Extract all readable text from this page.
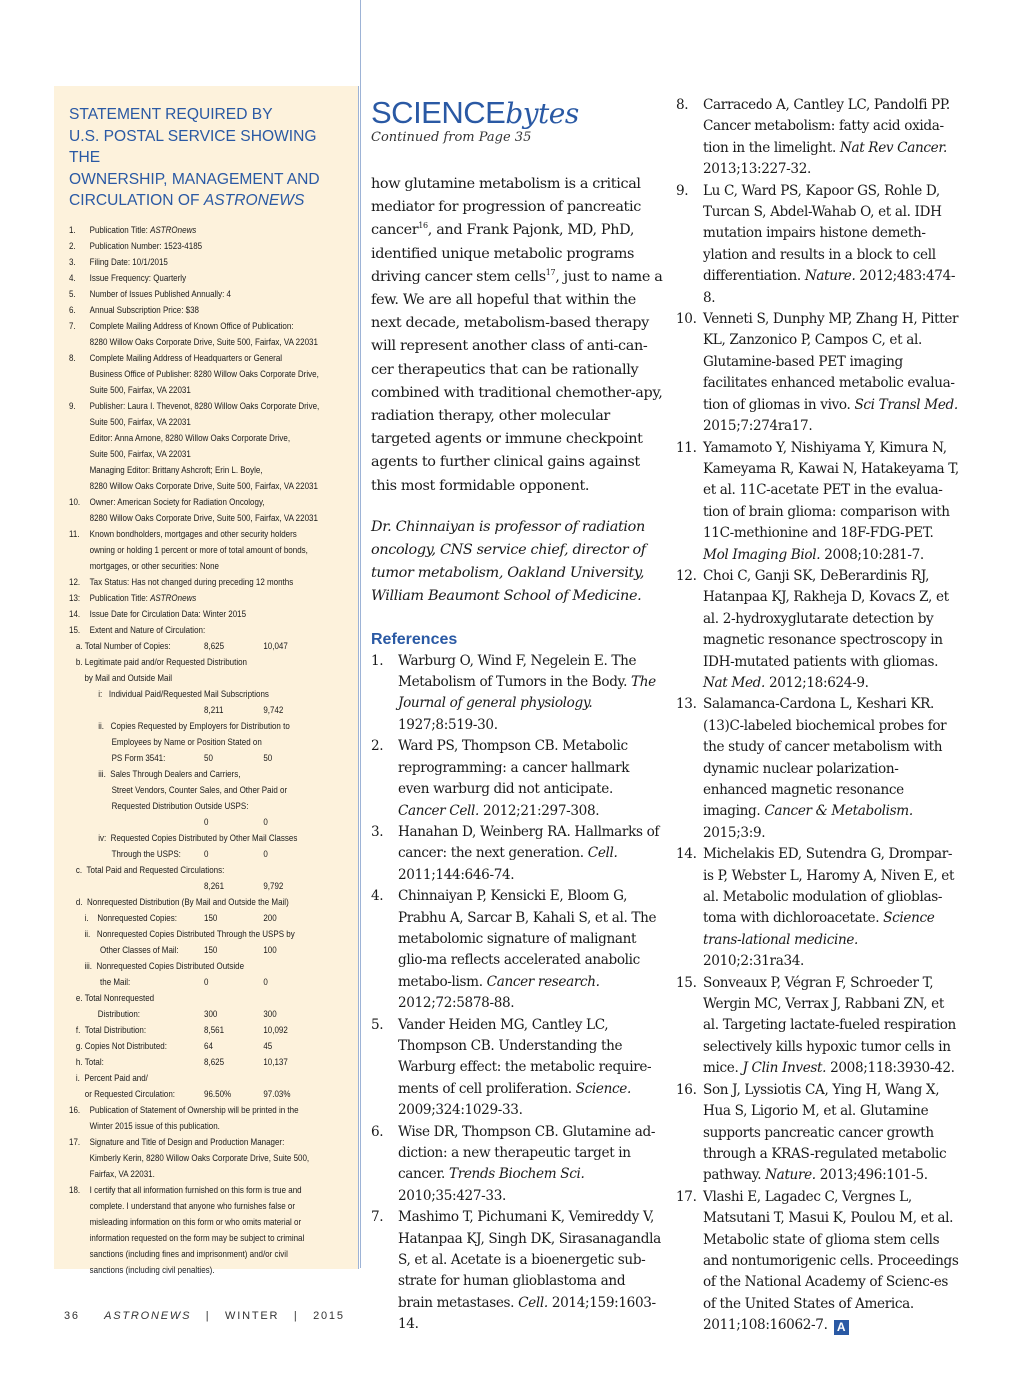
STATEMENT REQUIRED BY
U.S. POSTAL SERVICE SHOWING THE
OWNERSHIP, MANAGEMENT AND
CIRCULATION OF ASTRONEWS
1.	Publication Title: ASTROnews
2.	Publication Number: 1523-4185
3.	Filing Date: 10/1/2015
4.	Issue Frequency: Quarterly
5.	Number of Issues Published Annually: 4
6.	Annual Subscription Price: $38
7.	Complete Mailing Address of Known Office of Publication:
8280 Willow Oaks Corporate Drive, Suite 500, Fairfax, VA 22031
8.	Complete Mailing Address of Headquarters or General
Business Office of Publisher: 8280 Willow Oaks Corporate Drive,
Suite 500, Fairfax, VA 22031
9.	Publisher: Laura I. Thevenot, 8280 Willow Oaks Corporate Drive,
Suite 500, Fairfax, VA 22031
Editor: Anna Arnone, 8280 Willow Oaks Corporate Drive,
Suite 500, Fairfax, VA 22031
Managing Editor: Brittany Ashcroft; Erin L. Boyle,
8280 Willow Oaks Corporate Drive, Suite 500, Fairfax, VA 22031
10.	Owner: American Society for Radiation Oncology,
8280 Willow Oaks Corporate Drive, Suite 500, Fairfax, VA 22031
11.	Known bondholders, mortgages and other security holders
owning or holding 1 percent or more of total amount of bonds,
mortgages, or other securities: None
12.	Tax Status: Has not changed during preceding 12 months
13:	Publication Title: ASTROnews
14.	Issue Date for Circulation Data: Winter 2015
15.	Extent and Nature of Circulation:
a. Total Number of Copies:	8,625	10,047
b. Legitimate paid and/or Requested Distribution
by Mail and Outside Mail
i:   Individual Paid/Requested Mail Subscriptions
8,211	9,742
ii.   Copies Requested by Employers for Distribution to
Employees by Name or Position Stated on
PS Form 3541:	50	50
iii.  Sales Through Dealers and Carriers,
Street Vendors, Counter Sales, and Other Paid or
Requested Distribution Outside USPS:
0	0
iv:  Requested Copies Distributed by Other Mail Classes
Through the USPS: 0	0
c.  Total Paid and Requested Circulations:
8,261	9,792
d.  Nonrequested Distribution (By Mail and Outside the Mail)
i.    Nonrequested Copies:	150	200
ii.   Nonrequested Copies Distributed Through the USPS by
Other Classes of Mail:	150	100
iii.  Nonrequested Copies Distributed Outside
the Mail:	0	0
e. Total Nonrequested
Distribution:	300	300
f.  Total Distribution:	8,561	10,092
g. Copies Not Distributed:	64	45
h. Total:	8,625	10,137
i.  Percent Paid and/
or Requested Circulation:	96.50%	97.03%
16.	Publication of Statement of Ownership will be printed in the
Winter 2015 issue of this publication.
17.	Signature and Title of Design and Production Manager:
Kimberly Kerin, 8280 Willow Oaks Corporate Drive, Suite 500,
Fairfax, VA 22031.
18.	I certify that all information furnished on this form is true and
complete. I understand that anyone who furnishes false or
misleading information on this form or who omits material or
information requested on the form may be subject to criminal
sanctions (including fines and imprisonment) and/or civil
sanctions (including civil penalties).
SCIENCEbytes
Continued from Page 35
how glutamine metabolism is a critical mediator for progression of pancreatic cancer$^{16}$, and Frank Pajonk, MD, PhD, identified unique metabolic programs driving cancer stem cells$^{17}$, just to name a few. We are all hopeful that within the next decade, metabolism-based therapy will represent another class of anti-can-cer therapeutics that can be rationally combined with traditional chemother-apy, radiation therapy, other molecular targeted agents or immune checkpoint agents to further clinical gains against this most formidable opponent.
Dr. Chinnaiyan is professor of radiation oncology, CNS service chief, director of tumor metabolism, Oakland University, William Beaumont School of Medicine.
References
1.	Warburg O, Wind F, Negelein E. The Metabolism of Tumors in the Body. The Journal of general physiology. 1927;8:519-30.
2.	Ward PS, Thompson CB. Metabolic reprogramming: a cancer hallmark even warburg did not anticipate. Cancer Cell. 2012;21:297-308.
3.	Hanahan D, Weinberg RA. Hallmarks of cancer: the next generation. Cell. 2011;144:646-74.
4.	Chinnaiyan P, Kensicki E, Bloom G, Prabhu A, Sarcar B, Kahali S, et al. The metabolomic signature of malignant glio-ma reflects accelerated anabolic metabo-lism. Cancer research. 2012;72:5878-88.
5.	Vander Heiden MG, Cantley LC, Thompson CB. Understanding the Warburg effect: the metabolic require-ments of cell proliferation. Science. 2009;324:1029-33.
6.	Wise DR, Thompson CB. Glutamine ad-diction: a new therapeutic target in cancer. Trends Biochem Sci. 2010;35:427-33.
7.	Mashimo T, Pichumani K, Vemireddy V, Hatanpaa KJ, Singh DK, Sirasanagandla S, et al. Acetate is a bioenergetic sub-strate for human glioblastoma and brain metastases. Cell. 2014;159:1603-14.
8.	Carracedo A, Cantley LC, Pandolfi PP. Cancer metabolism: fatty acid oxida-tion in the limelight. Nat Rev Cancer. 2013;13:227-32.
9.	Lu C, Ward PS, Kapoor GS, Rohle D, Turcan S, Abdel-Wahab O, et al. IDH mutation impairs histone demeth-ylation and results in a block to cell differentiation. Nature. 2012;483:474-8.
10. Venneti S, Dunphy MP, Zhang H, Pitter KL, Zanzonico P, Campos C, et al. Glutamine-based PET imaging facilitates enhanced metabolic evalua-tion of gliomas in vivo. Sci Transl Med. 2015;7:274ra17.
11. Yamamoto Y, Nishiyama Y, Kimura N, Kameyama R, Kawai N, Hatakeyama T, et al. 11C-acetate PET in the evalua-tion of brain glioma: comparison with 11C-methionine and 18F-FDG-PET. Mol Imaging Biol. 2008;10:281-7.
12. Choi C, Ganji SK, DeBerardinis RJ, Hatanpaa KJ, Rakheja D, Kovacs Z, et al. 2-hydroxyglutarate detection by magnetic resonance spectroscopy in IDH-mutated patients with gliomas. Nat Med. 2012;18:624-9.
13. Salamanca-Cardona L, Keshari KR. (13)C-labeled biochemical probes for the study of cancer metabolism with dynamic nuclear polarization-enhanced magnetic resonance imaging. Cancer & Metabolism. 2015;3:9.
14. Michelakis ED, Sutendra G, Drompar-is P, Webster L, Haromy A, Niven E, et al. Metabolic modulation of glioblas-toma with dichloroacetate. Science trans-lational medicine. 2010;2:31ra34.
15. Sonveaux P, Végran F, Schroeder T, Wergin MC, Verrax J, Rabbani ZN, et al. Targeting lactate-fueled respiration selectively kills hypoxic tumor cells in mice. J Clin Invest. 2008;118:3930-42.
16. Son J, Lyssiotis CA, Ying H, Wang X, Hua S, Ligorio M, et al. Glutamine supports pancreatic cancer growth through a KRAS-regulated metabolic pathway. Nature. 2013;496:101-5.
17. Vlashi E, Lagadec C, Vergnes L, Matsutani T, Masui K, Poulou M, et al. Metabolic state of glioma stem cells and nontumorigenic cells. Proceedings of the National Academy of Scienc-es of the United States of America. 2011;108:16062-7. A
36 ASTRONEWS | WINTER | 2015
